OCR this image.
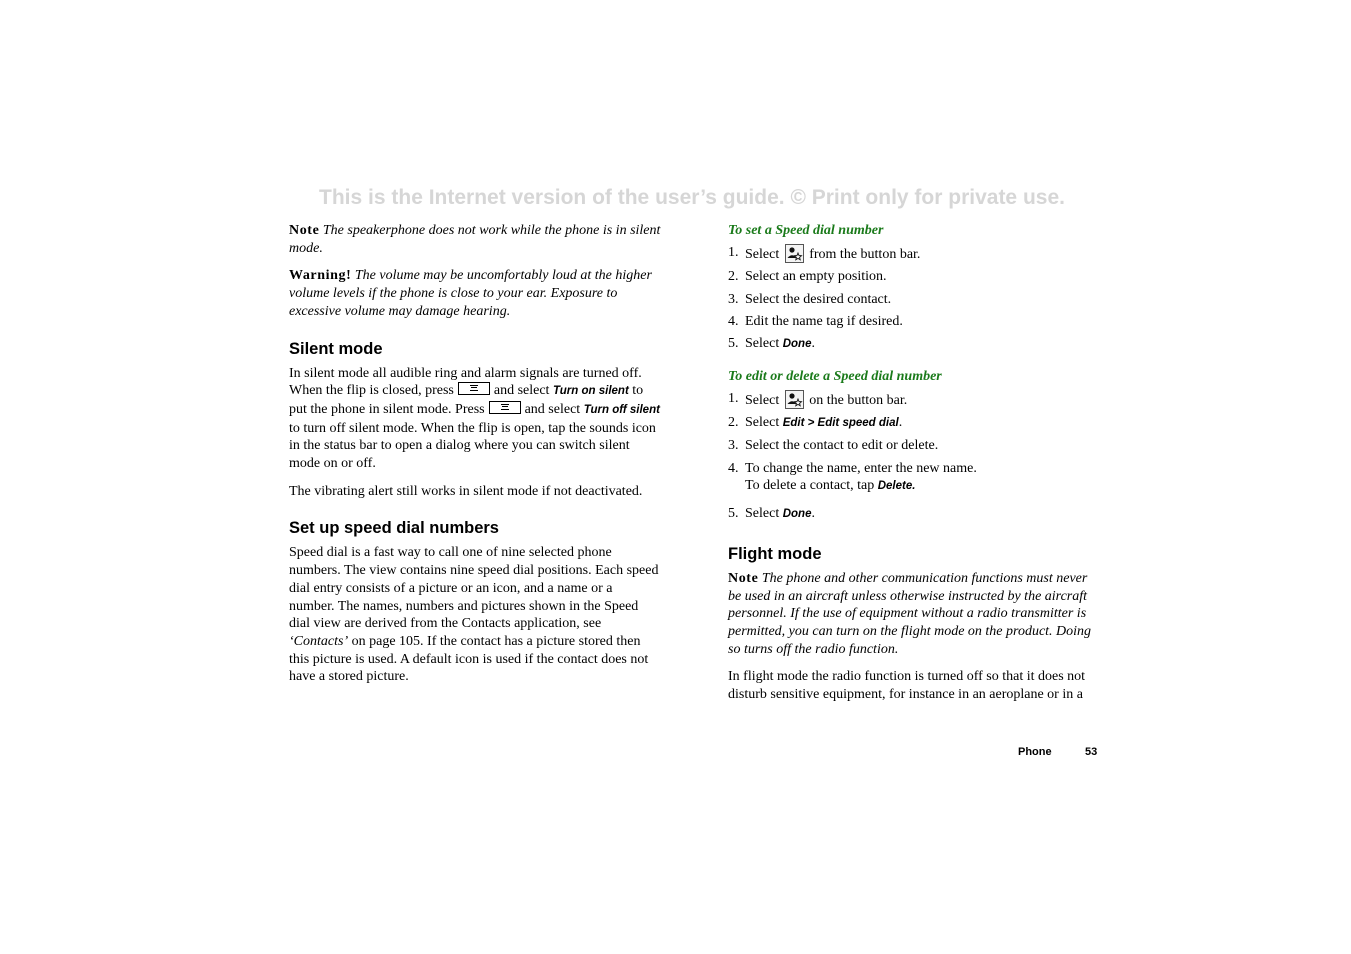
This is the Internet version of the user’s guide. © Print only for private use.

Note The speakerphone does not work while the phone is in silent mode.

Warning! The volume may be uncomfortably loud at the higher volume levels if the phone is close to your ear. Exposure to excessive volume may damage hearing.

Silent mode

In silent mode all audible ring and alarm signals are turned off. When the flip is closed, press	and select Turn on silent to put the phone in silent mode. Press	and select Turn off silent to turn off silent mode. When the flip is open, tap the sounds icon in the status bar to open a dialog where you can switch silent mode on or off.

The vibrating alert still works in silent mode if not deactivated.

Set up speed dial numbers

Speed dial is a fast way to call one of nine selected phone numbers. The view contains nine speed dial positions. Each speed dial entry consists of a picture or an icon, and a name or a number. The names, numbers and pictures shown in the Speed dial view are derived from the Contacts application, see ‘Contacts’ on page 105. If the contact has a picture stored then this picture is used. A default icon is used if the contact does not have a stored picture.

To set a Speed dial number
1. Select from the button bar.
2. Select an empty position.
3. Select the desired contact.
4. Edit the name tag if desired.
5. Select Done.
To edit or delete a Speed dial number
1. Select on the button bar.
2. Select Edit > Edit speed dial.
3. Select the contact to edit or delete.
4. To change the name, enter the new name.
To delete a contact, tap Delete.
5. Select Done.
Flight mode

Note The phone and other communication functions must never be used in an aircraft unless otherwise instructed by the aircraft personnel. If the use of equipment without a radio transmitter is permitted, you can turn on the flight mode on the product. Doing so turns off the radio function.

In flight mode the radio function is turned off so that it does not disturb sensitive equipment, for instance in an aeroplane or in a

Phone	53
